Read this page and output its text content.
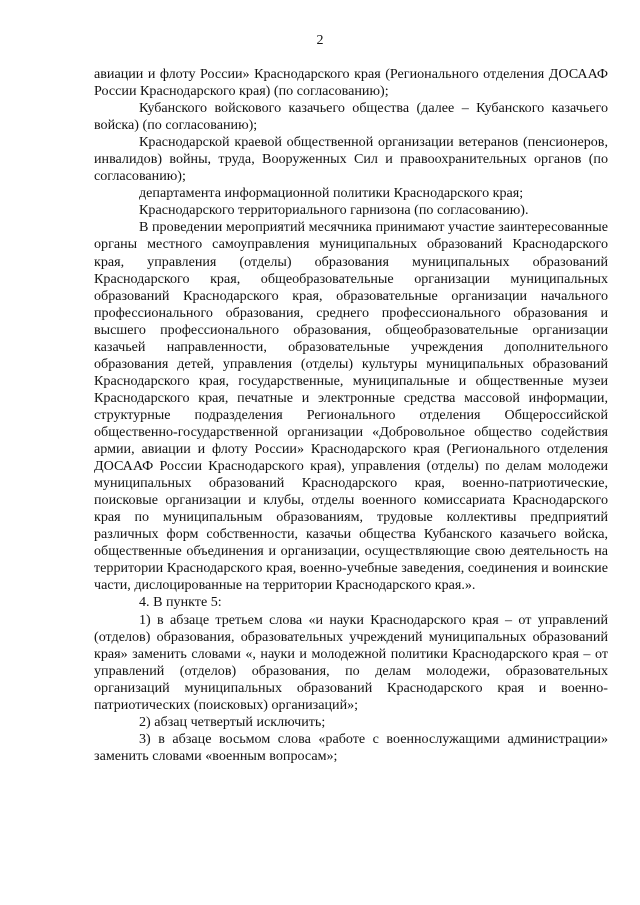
2

авиации и флоту России» Краснодарского края (Регионального отделения ДОСААФ России Краснодарского края) (по согласованию);

Кубанского войскового казачьего общества (далее – Кубанского казачьего войска) (по согласованию);

Краснодарской краевой общественной организации ветеранов (пенсионеров, инвалидов) войны, труда, Вооруженных Сил и правоохранительных органов (по согласованию);

департамента информационной политики Краснодарского края;

Краснодарского территориального гарнизона (по согласованию).

В проведении мероприятий месячника принимают участие заинтересованные органы местного самоуправления муниципальных образований Краснодарского края, управления (отделы) образования муниципальных образований Краснодарского края, общеобразовательные организации муниципальных образований Краснодарского края, образовательные организации начального профессионального образования, среднего профессионального образования и высшего профессионального образования, общеобразовательные организации казачьей направленности, образовательные учреждения дополнительного образования детей, управления (отделы) культуры муниципальных образований Краснодарского края, государственные, муниципальные и общественные музеи Краснодарского края, печатные и электронные средства массовой информации, структурные подразделения Регионального отделения Общероссийской общественно-государственной организации «Добровольное общество содействия армии, авиации и флоту России» Краснодарского края (Регионального отделения ДОСААФ России Краснодарского края), управления (отделы) по делам молодежи муниципальных образований Краснодарского края, военно-патриотические, поисковые организации и клубы, отделы военного комиссариата Краснодарского края по муниципальным образованиям, трудовые коллективы предприятий различных форм собственности, казачьи общества Кубанского казачьего войска, общественные объединения и организации, осуществляющие свою деятельность на территории Краснодарского края, военно-учебные заведения, соединения и воинские части, дислоцированные на территории Краснодарского края.».

4. В пункте 5:

1) в абзаце третьем слова «и науки Краснодарского края – от управлений (отделов) образования, образовательных учреждений муниципальных образований края» заменить словами «, науки и молодежной политики Краснодарского края – от управлений (отделов) образования, по делам молодежи, образовательных организаций муниципальных образований Краснодарского края и военно-патриотических (поисковых) организаций»;

2) абзац четвертый исключить;

3) в абзаце восьмом слова «работе с военнослужащими администрации» заменить словами «военным вопросам»;
